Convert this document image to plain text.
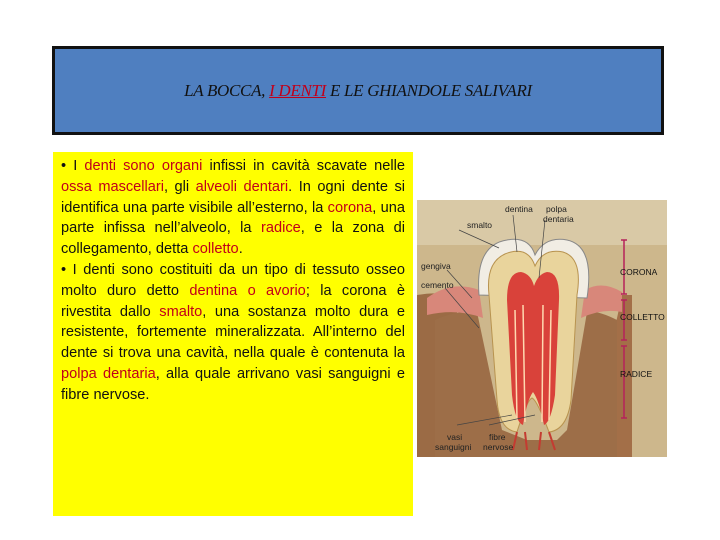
LA BOCCA, I DENTI E LE GHIANDOLE SALIVARI

• I denti sono organi infissi in cavità scavate nelle ossa mascellari, gli alveoli dentari. In ogni dente si identifica una parte visibile all’esterno, la corona, una parte infissa nell’alveolo, la radice, e la zona di collegamento, detta colletto.

• I denti sono costituiti da un tipo di tessuto osseo molto duro detto dentina o avorio; la corona è rivestita dallo smalto, una sostanza molto dura e resistente, fortemente mineralizzata. All’interno del dente si trova una cavità, nella quale è contenuta la polpa dentaria, alla quale arrivano vasi sanguigni e fibre nervose.

dentina polpa
dentaria
smalto
gengiva
cemento
CORONA
COLLETTO
RADICE
vasi
sanguigni
fibre
nervose
